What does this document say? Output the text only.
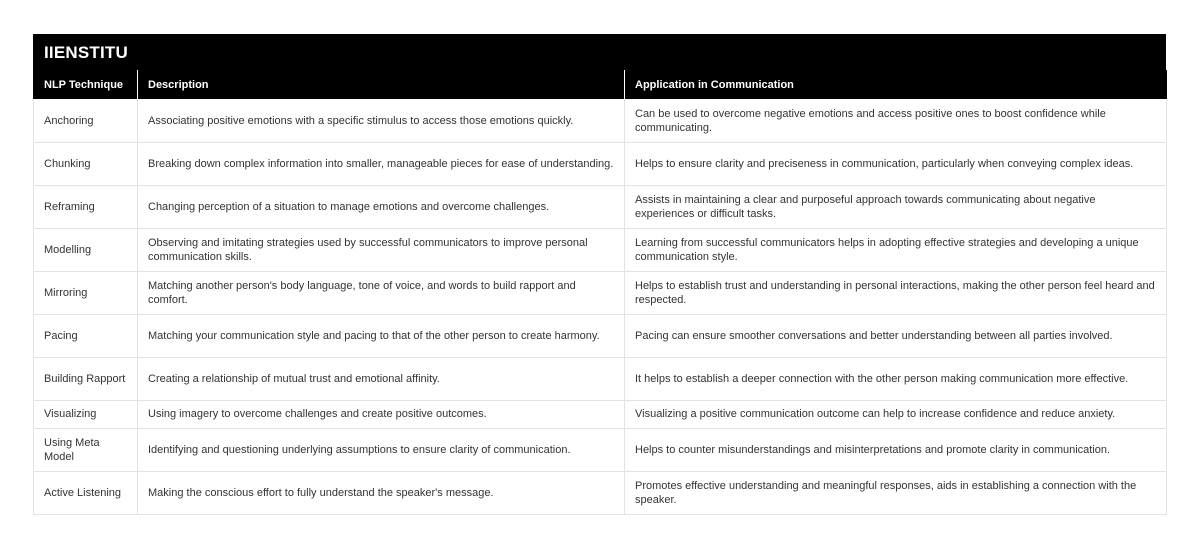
IIENSTITU
NLP Technique	Description	Application in Communication
Anchoring	Associating positive emotions with a specific stimulus to access those emotions quickly.	Can be used to overcome negative emotions and access positive ones to boost confidence while communicating.
Chunking	Breaking down complex information into smaller, manageable pieces for ease of understanding.	Helps to ensure clarity and preciseness in communication, particularly when conveying complex ideas.
Reframing	Changing perception of a situation to manage emotions and overcome challenges.	Assists in maintaining a clear and purposeful approach towards communicating about negative experiences or difficult tasks.
Modelling	Observing and imitating strategies used by successful communicators to improve personal communication skills.	Learning from successful communicators helps in adopting effective strategies and developing a unique communication style.
Mirroring	Matching another person's body language, tone of voice, and words to build rapport and comfort.	Helps to establish trust and understanding in personal interactions, making the other person feel heard and respected.
Pacing	Matching your communication style and pacing to that of the other person to create harmony.	Pacing can ensure smoother conversations and better understanding between all parties involved.
Building Rapport	Creating a relationship of mutual trust and emotional affinity.	It helps to establish a deeper connection with the other person making communication more effective.
Visualizing	Using imagery to overcome challenges and create positive outcomes.	Visualizing a positive communication outcome can help to increase confidence and reduce anxiety.
Using Meta Model	Identifying and questioning underlying assumptions to ensure clarity of communication.	Helps to counter misunderstandings and misinterpretations and promote clarity in communication.
Active Listening	Making the conscious effort to fully understand the speaker's message.	Promotes effective understanding and meaningful responses, aids in establishing a connection with the speaker.
